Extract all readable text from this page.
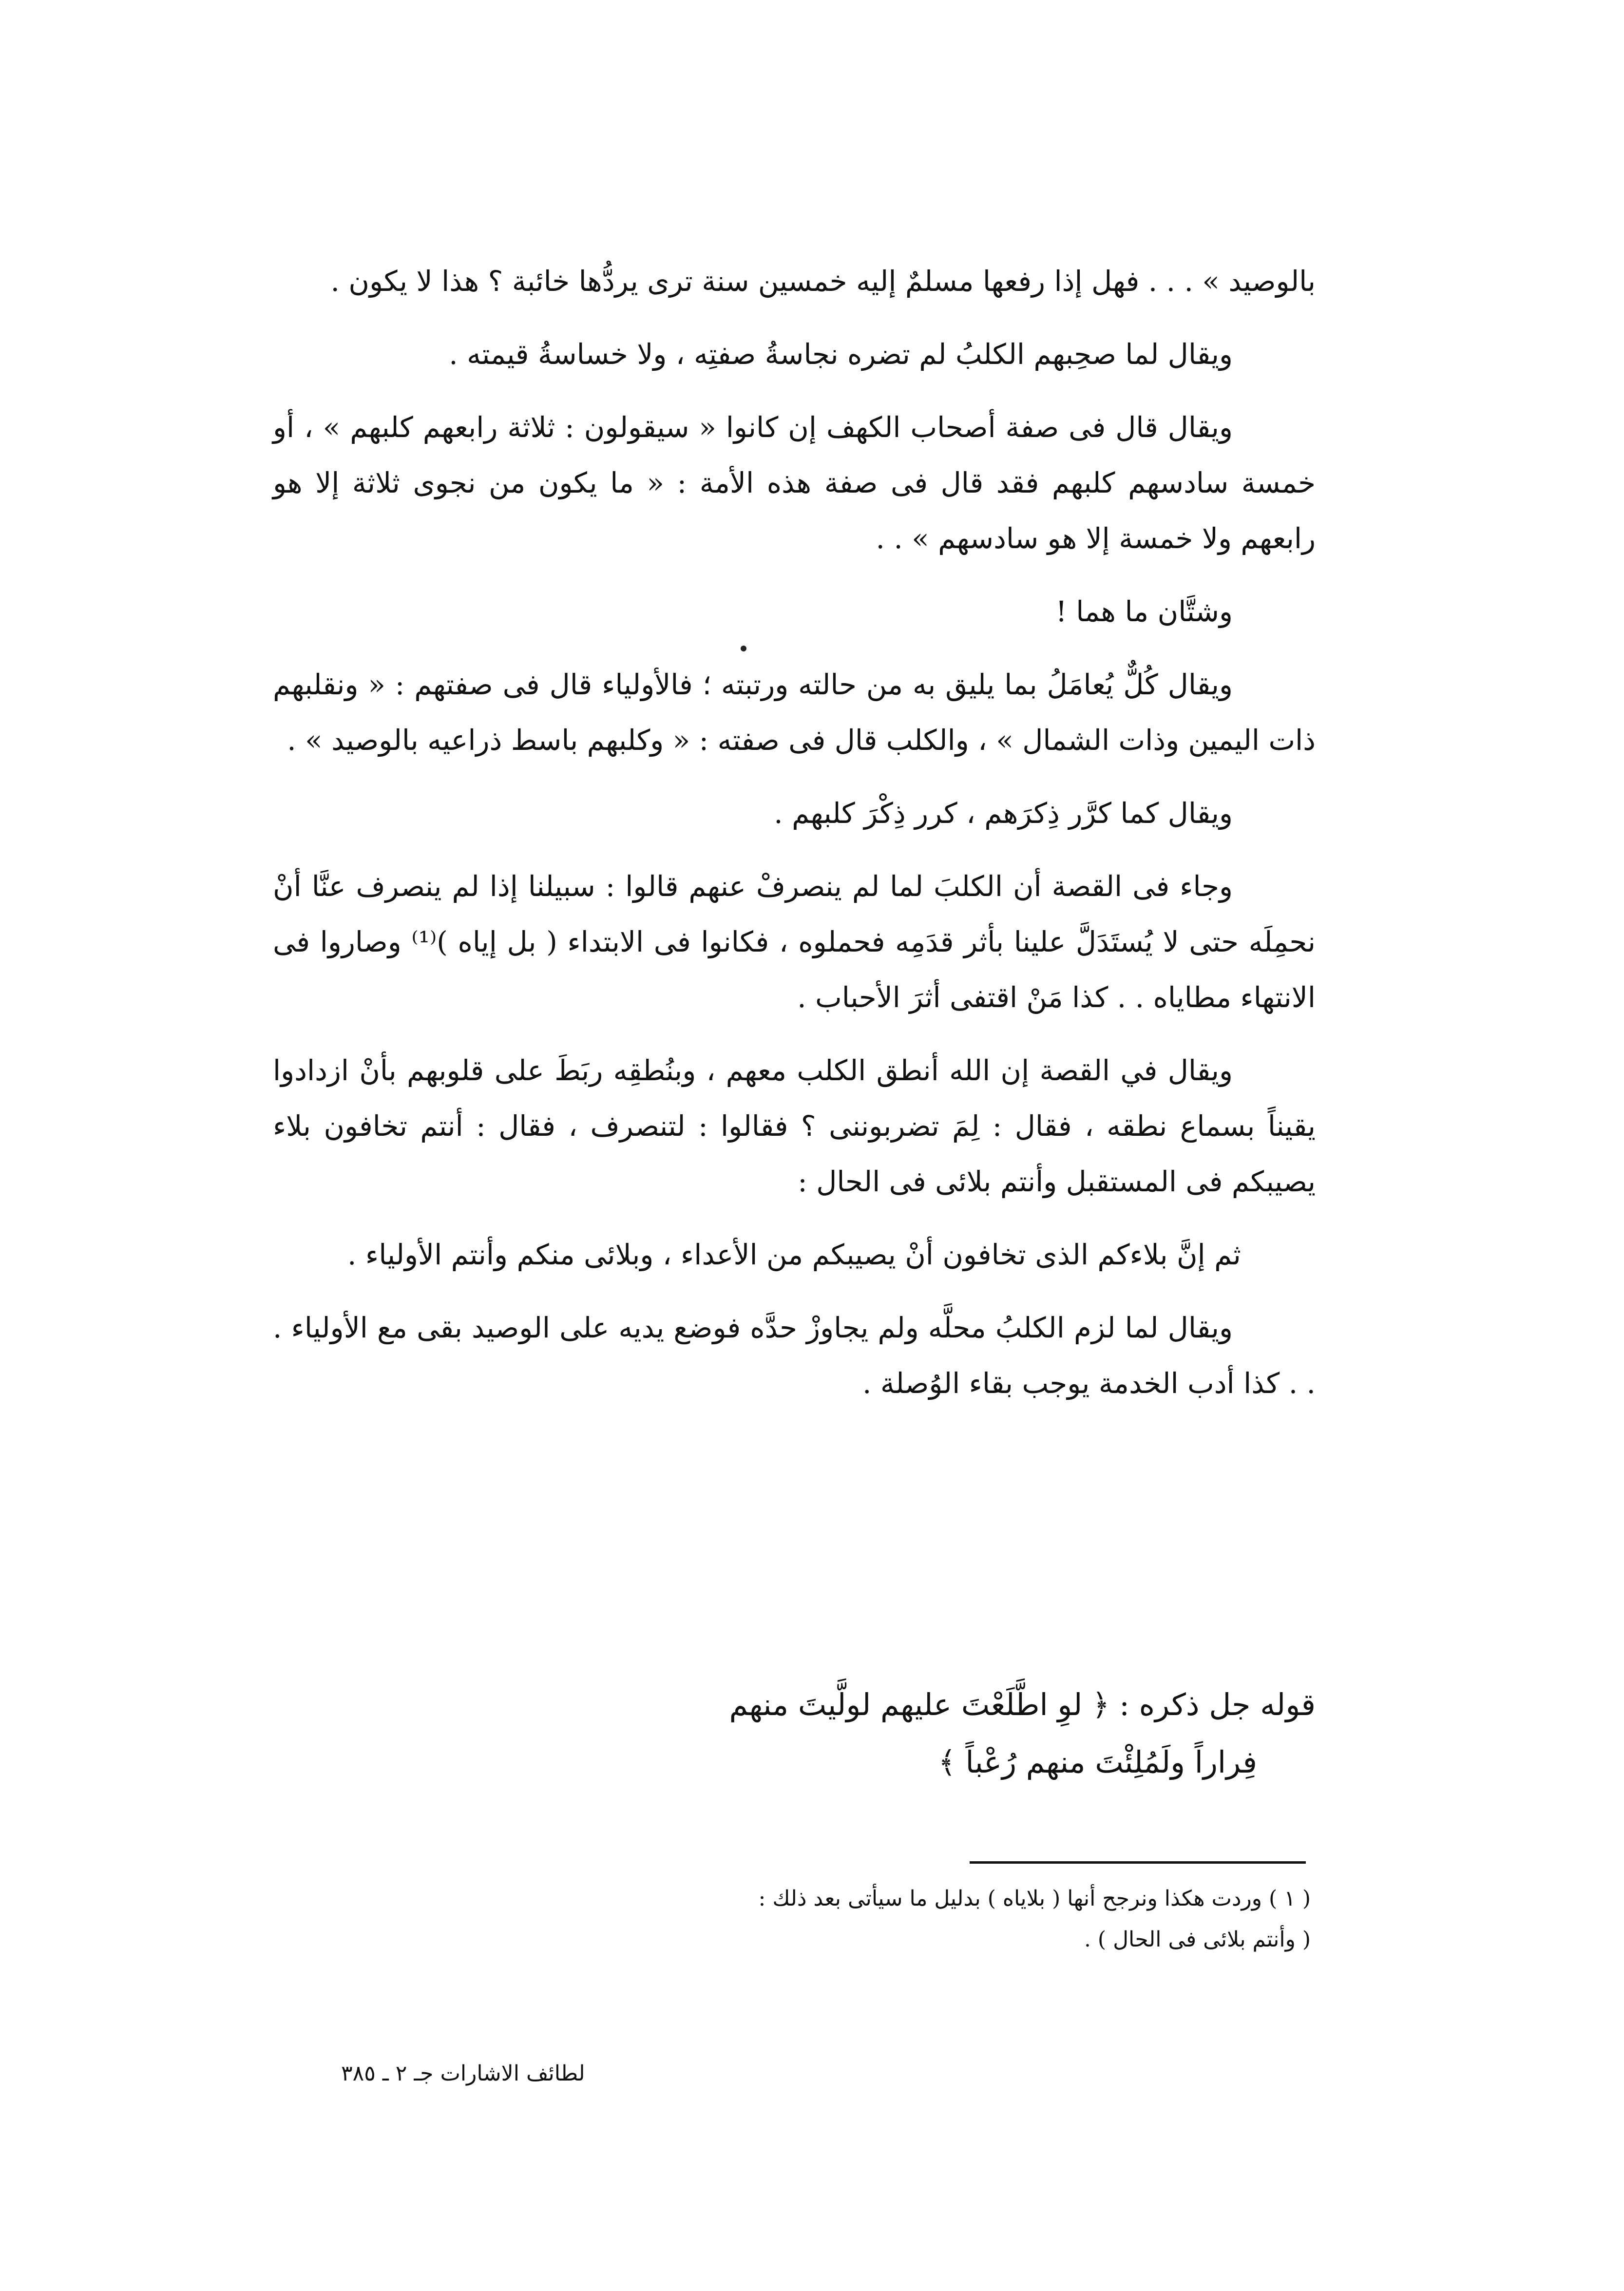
بالوصيد » . . . فهل إذا رفعها مسلمٌ إليه خمسين سنة ترى يردُّها خائبة ؟ هذا لا يكون .

ويقال لما صحِبهم الكلبُ لم تضره نجاسةُ صفتِه ، ولا خساسةُ قيمته .

ويقال قال فى صفة أصحاب الكهف إن كانوا « سيقولون : ثلاثة رابعهم كلبهم » ، أو خمسة سادسهم كلبهم فقد قال فى صفة هذه الأمة : « ما يكون من نجوى ثلاثة إلا هو رابعهم ولا خمسة إلا هو سادسهم » . .

وشتَّان ما هما !

ويقال كُلٌّ يُعامَلُ بما يليق به من حالته ورتبته ؛ فالأولياء قال فى صفتهم : « ونقلبهم ذات اليمين وذات الشمال » ، والكلب قال فى صفته : « وكلبهم باسط ذراعيه بالوصيد » .

ويقال كما كرَّر ذِكرَهم ، كرر ذِكْرَ كلبهم .

وجاء فى القصة أن الكلبَ لما لم ينصرفْ عنهم قالوا : سبيلنا إذا لم ينصرف عنَّا أنْ نحمِلَه حتى لا يُستَدَلَّ علينا بأثر قدَمِه فحملوه ، فكانوا فى الابتداء ( بل إياه )⁽¹⁾ وصاروا فى الانتهاء مطاياه . . كذا مَنْ اقتفى أثرَ الأحباب .

ويقال في القصة إن الله أنطق الكلب معهم ، وبنُطقِه ربَطَ على قلوبهم بأنْ ازدادوا يقيناً بسماع نطقه ، فقال : لِمَ تضربوننى ؟ فقالوا : لتنصرف ، فقال : أنتم تخافون بلاء يصيبكم فى المستقبل وأنتم بلائى فى الحال :

ثم إنَّ بلاءكم الذى تخافون أنْ يصيبكم من الأعداء ، وبلائى منكم وأنتم الأولياء .

ويقال لما لزم الكلبُ محلَّه ولم يجاوزْ حدَّه فوضع يديه على الوصيد بقى مع الأولياء . . . كذا أدب الخدمة يوجب بقاء الوُصلة .

قوله جل ذكره : ﴿ لوِ اطَّلَعْتَ عليهم لولَّيتَ منهم
فِراراً ولَمُلِئْتَ منهم رُعْباً ﴾
( ١ ) وردت هكذا ونرجح أنها ( بلاياه ) بدليل ما سيأتى بعد ذلك :
( وأنتم بلائى فى الحال ) .
لطائف الاشارات جـ ٢ ـ ٣٨٥
